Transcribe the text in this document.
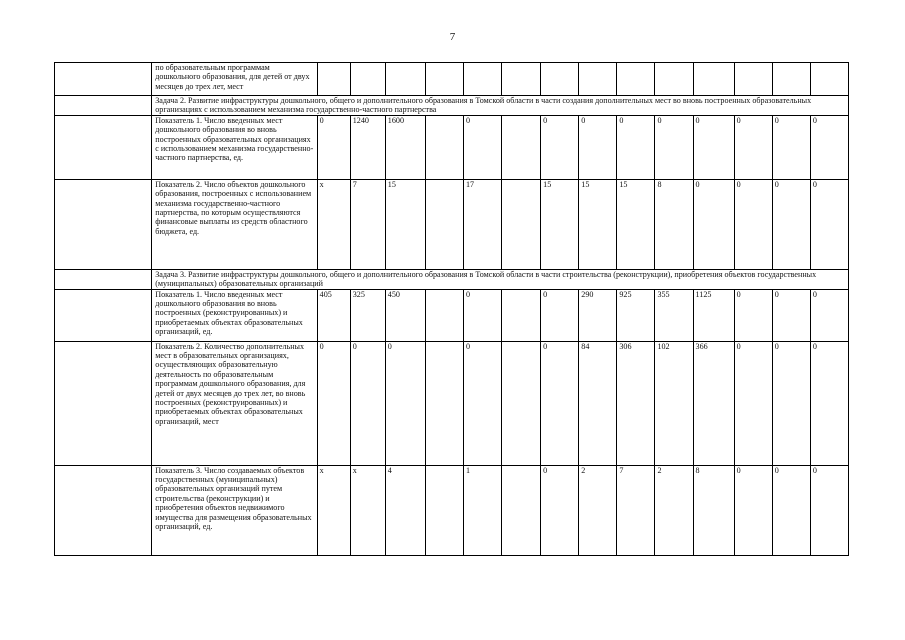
7
	по образовательным программам дошкольного образования, для детей от двух месяцев до трех лет, мест														
	Задача 2. Развитие инфраструктуры дошкольного, общего и дополнительного образования в Томской области в части создания дополнительных мест во вновь построенных образовательных организациях с использованием механизма государственно-частного партнерства														
	Показатель 1. Число введенных мест дошкольного образования во вновь построенных образовательных организациях с использованием механизма государственно-частного партнерства, ед.	0	1240	1600		0		0	0	0	0	0	0	0	0
	Показатель 2. Число объектов дошкольного образования, построенных с использованием механизма государственно-частного партнерства, по которым осуществляются финансовые выплаты из средств областного бюджета, ед.	x	7	15		17		15	15	15	8	0	0	0	0
	Задача 3. Развитие инфраструктуры дошкольного, общего и дополнительного образования в Томской области в части строительства (реконструкции), приобретения объектов государственных (муниципальных) образовательных организаций														
	Показатель 1. Число введенных мест дошкольного образования во вновь построенных (реконструированных) и приобретаемых объектах образовательных организаций, ед.	405	325	450		0		0	290	925	355	1125	0	0	0
	Показатель 2. Количество дополнительных мест в образовательных организациях, осуществляющих образовательную деятельность по образовательным программам дошкольного образования, для детей от двух месяцев до трех лет, во вновь построенных (реконструированных) и приобретаемых объектах образовательных организаций, мест	0	0	0		0		0	84	306	102	366	0	0	0
	Показатель 3. Число создаваемых объектов государственных (муниципальных) образовательных организаций путем строительства (реконструкции) и приобретения объектов недвижимого имущества для размещения образовательных организаций, ед.	x	x	4		1		0	2	7	2	8	0	0	0
